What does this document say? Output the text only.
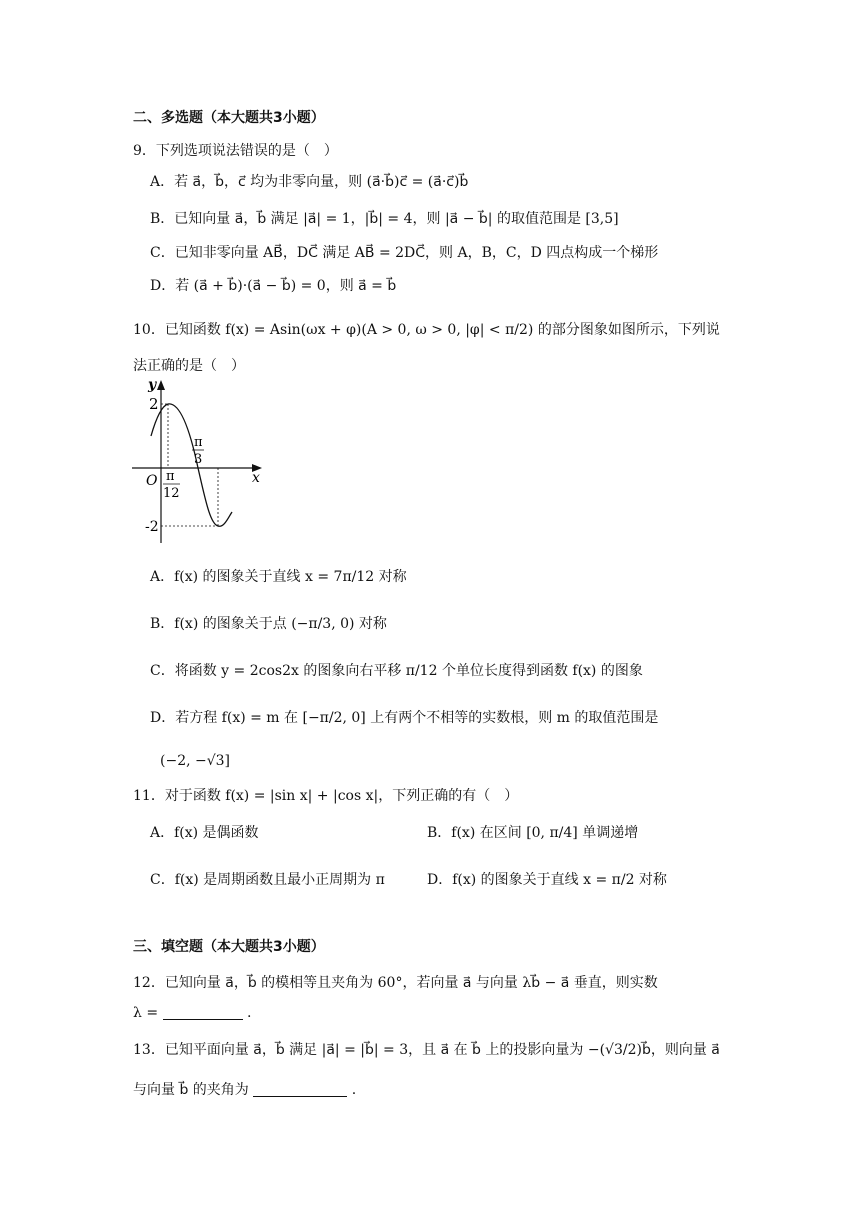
二、多选题（本大题共3小题）
9．下列选项说法错误的是（　）
A．若 a⃗，b⃗，c⃗ 均为非零向量，则 (a⃗·b⃗)c⃗ = (a⃗·c⃗)b⃗
B．已知向量 a⃗，b⃗ 满足 |a⃗| = 1，|b⃗| = 4，则 |a⃗ − b⃗| 的取值范围是 [3,5]
C．已知非零向量 AB⃗，DC⃗ 满足 AB⃗ = 2DC⃗，则 A，B，C，D 四点构成一个梯形
D．若 (a⃗ + b⃗)·(a⃗ − b⃗) = 0，则 a⃗ = b⃗
10．已知函数 f(x) = Asin(ωx + φ)(A > 0, ω > 0, |φ| < π/2) 的部分图象如图所示，下列说
法正确的是（　）
y
x
O
2
-2
π
12
π
3
A．f(x) 的图象关于直线 x = 7π/12 对称
B．f(x) 的图象关于点 (−π/3, 0) 对称
C．将函数 y = 2cos2x 的图象向右平移 π/12 个单位长度得到函数 f(x) 的图象
D．若方程 f(x) = m 在 [−π/2, 0] 上有两个不相等的实数根，则 m 的取值范围是
(−2, −√3]
11．对于函数 f(x) = |sin x| + |cos x|，下列正确的有（　）
A．f(x) 是偶函数	B．f(x) 在区间 [0, π/4] 单调递增
C．f(x) 是周期函数且最小正周期为 π	D．f(x) 的图象关于直线 x = π/2 对称
三、填空题（本大题共3小题）
12．已知向量 a⃗，b⃗ 的模相等且夹角为 60°，若向量 a⃗ 与向量 λb⃗ − a⃗ 垂直，则实数
λ =	.
13．已知平面向量 a⃗，b⃗ 满足 |a⃗| = |b⃗| = 3，且 a⃗ 在 b⃗ 上的投影向量为 −(√3/2)b⃗，则向量 a⃗
与向量 b⃗ 的夹角为	.
